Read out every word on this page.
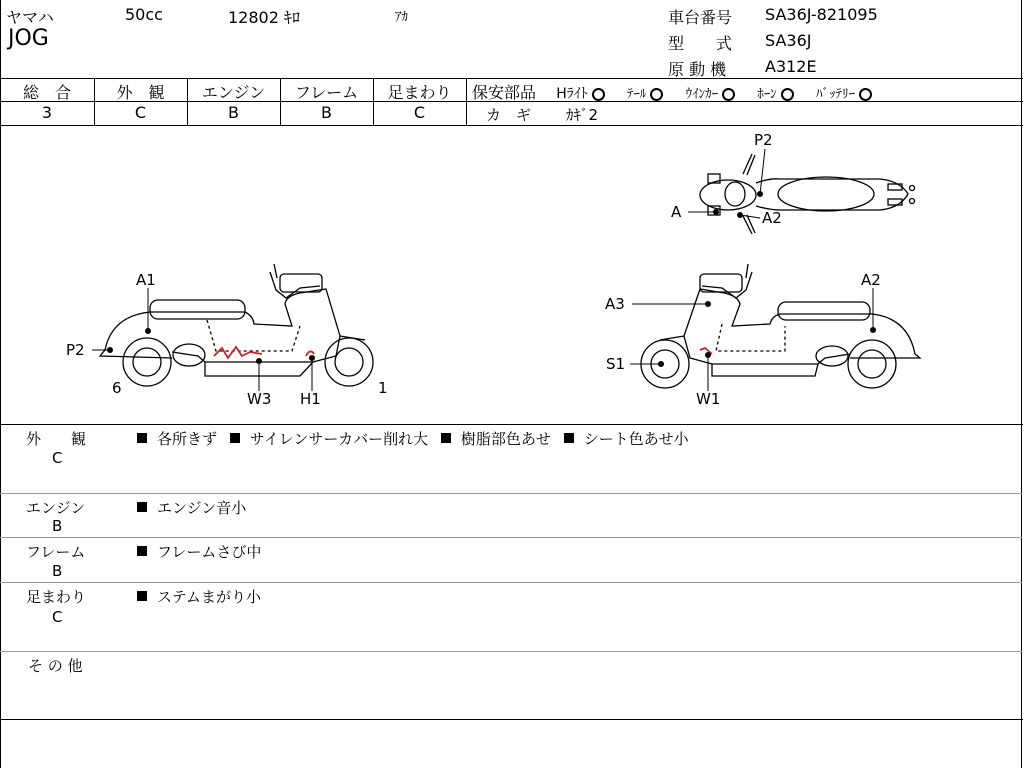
ヤマハ	50cc	12802 ｷﾛ	ｱｶ
JOG
車台番号 SA36J-821095
型　　式 SA36J
原 動 機 A312E
総　合
3
外　観
C
エンジン
B
フレーム
B
足まわり
C
保安部品 Hﾗｲﾄ	ﾃｰﾙ	ｳｲﾝｶｰ	ﾎｰﾝ	ﾊﾞｯﾃﾘｰ
カ　ギ ｶｷﾞ2
P2
A	A2
A1
P2
6
W3 H1
1
A3
A2
S1
W1
外　　観
C
各所きず サイレンサーカバー削れ大 樹脂部色あせ シート色あせ小
エンジン
B
エンジン音小
フレーム
B
フレームさび中
足まわり
C
ステムまがり小
そ の 他
